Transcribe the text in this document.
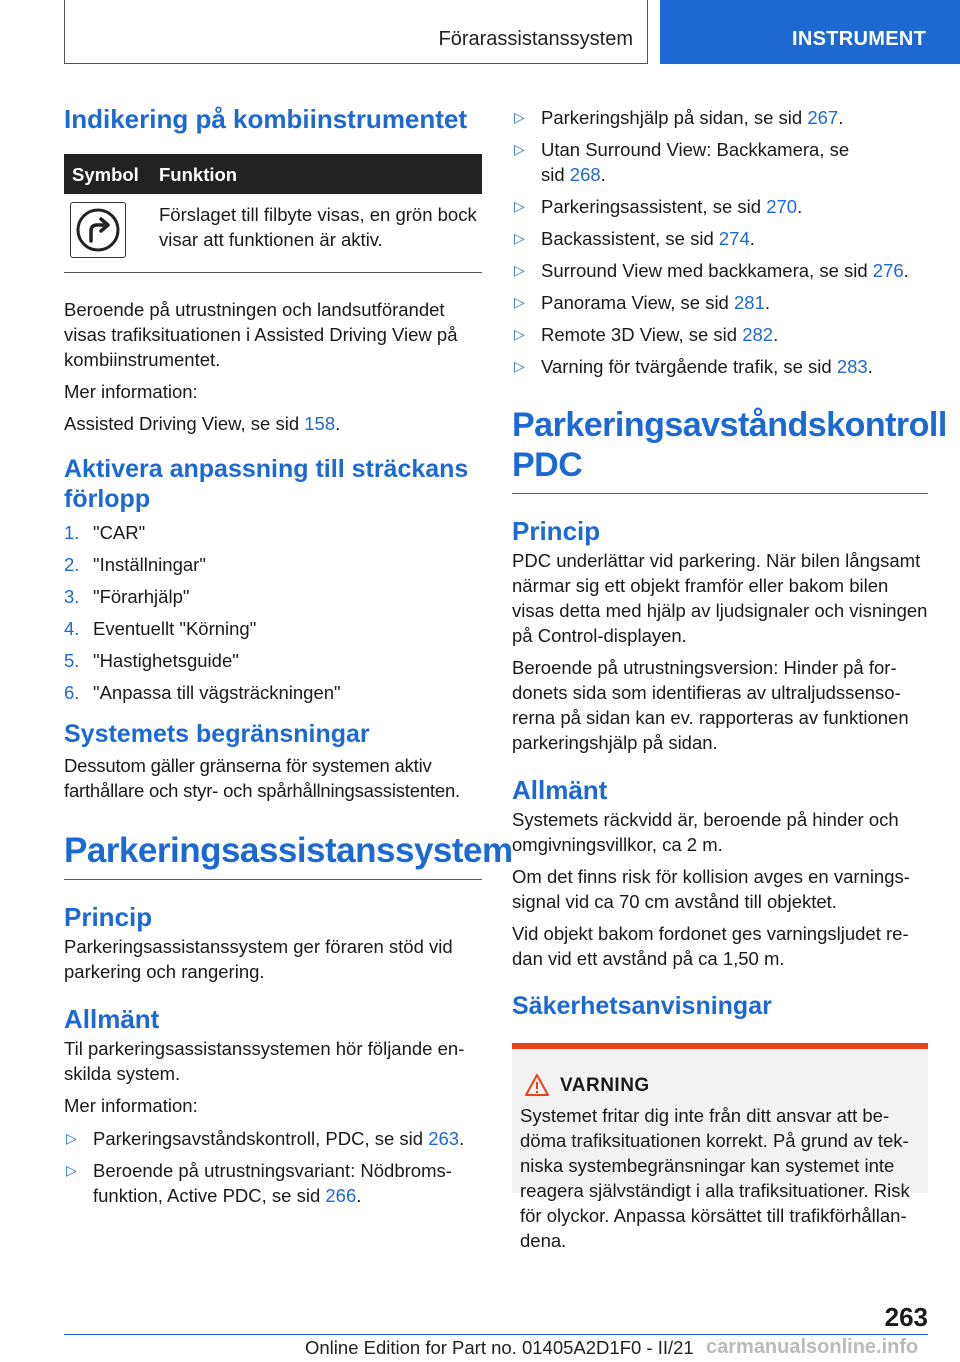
Förarassistanssystem	INSTRUMENT
Indikering på kombiinstrumentet
Symbol Funktion
Förslaget till filbyte visas, en grön bock visar att funktionen är aktiv.

Beroende på utrustningen och landsutförandet visas trafiksituationen i Assisted Driving View på kombiinstrumentet.

Mer information:

Assisted Driving View, se sid 158.

Aktivera anpassning till sträckans förlopp
1. "CAR"
2. "Inställningar"
3. "Förarhjälp"
4. Eventuellt "Körning"
5. "Hastighetsguide"
6. "Anpassa till vägsträckningen"
Systemets begränsningar

Dessutom gäller gränserna för systemen aktiv farthållare och styr- och spårhållningsassistenten.

Parkeringsassistanssystem
Princip

Parkeringsassistanssystem ger föraren stöd vid parkering och rangering.

Allmänt

Til parkeringsassistanssystemen hör följande enskilda system.

Mer information:

▷ Parkeringsavståndskontroll, PDC, se sid 263.
▷ Beroende på utrustningsvariant: Nödbromsfunktion, Active PDC, se sid 266.
▷ Parkeringshjälp på sidan, se sid 267.
▷ Utan Surround View: Backkamera, se sid 268.
▷ Parkeringsassistent, se sid 270.
▷ Backassistent, se sid 274.
▷ Surround View med backkamera, se sid 276.
▷ Panorama View, se sid 281.
▷ Remote 3D View, se sid 282.
▷ Varning för tvärgående trafik, se sid 283.
Parkeringsavståndskontroll PDC
Princip

PDC underlättar vid parkering. När bilen långsamt närmar sig ett objekt framför eller bakom bilen visas detta med hjälp av ljudsignaler och visningen på Control-displayen.

Beroende på utrustningsversion: Hinder på fordonets sida som identifieras av ultraljudssensorerna på sidan kan ev. rapporteras av funktionen parkeringshjälp på sidan.

Allmänt

Systemets räckvidd är, beroende på hinder och omgivningsvillkor, ca 2 m.

Om det finns risk för kollision avges en varningssignal vid ca 70 cm avstånd till objektet.

Vid objekt bakom fordonet ges varningsljudet redan vid ett avstånd på ca 1,50 m.

Säkerhetsanvisningar
VARNING

Systemet fritar dig inte från ditt ansvar att bedöma trafiksituationen korrekt. På grund av tekniska systembegränsningar kan systemet inte reagera självständigt i alla trafiksituationer. Risk för olyckor. Anpassa körsättet till trafikförhållandena.

263
Online Edition for Part no. 01405A2D1F0 - II/21 carmanualsonline.info
